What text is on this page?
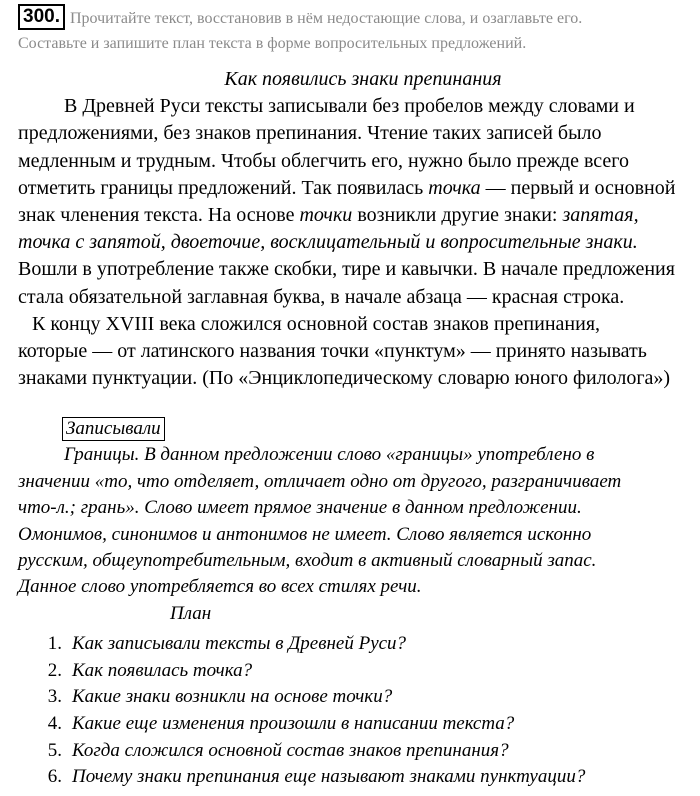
300. Прочитайте текст, восстановив в нём недостающие слова, и озаглавьте его.
Составьте и запишите план текста в форме вопросительных предложений.

Как появились знаки препинания

В Древней Руси тексты записывали без пробелов между словами и

предложениями, без знаков препинания. Чтение таких записей было

медленным и трудным. Чтобы облегчить его, нужно было прежде всего

отметить границы предложений. Так появилась точка — первый и основной

знак членения текста. На основе точки возникли другие знаки: запятая,

точка с запятой, двоеточие, восклицательный и вопросительные знаки.

Вошли в употребление также скобки, тире и кавычки. В начале предложения

стала обязательной заглавная буква, в начале абзаца — красная строка.

К концу XVIII века сложился основной состав знаков препинания,

которые — от латинского названия точки «пунктум» — принято называть

знаками пунктуации. (По «Энциклопедическому словарю юного филолога»)

Записывали

Границы. В данном предложении слово «границы» употреблено в

значении «то, что отделяет, отличает одно от другого, разграничивает

что-л.; грань». Слово имеет прямое значение в данном предложении.

Омонимов, синонимов и антонимов не имеет. Слово является исконно

русским, общеупотребительным, входит в активный словарный запас.

Данное слово употребляется во всех стилях речи.

План

1. Как записывали тексты в Древней Руси?
2. Как появилась точка?
3. Какие знаки возникли на основе точки?
4. Какие еще изменения произошли в написании текста?
5. Когда сложился основной состав знаков препинания?
6. Почему знаки препинания еще называют знаками пунктуации?
